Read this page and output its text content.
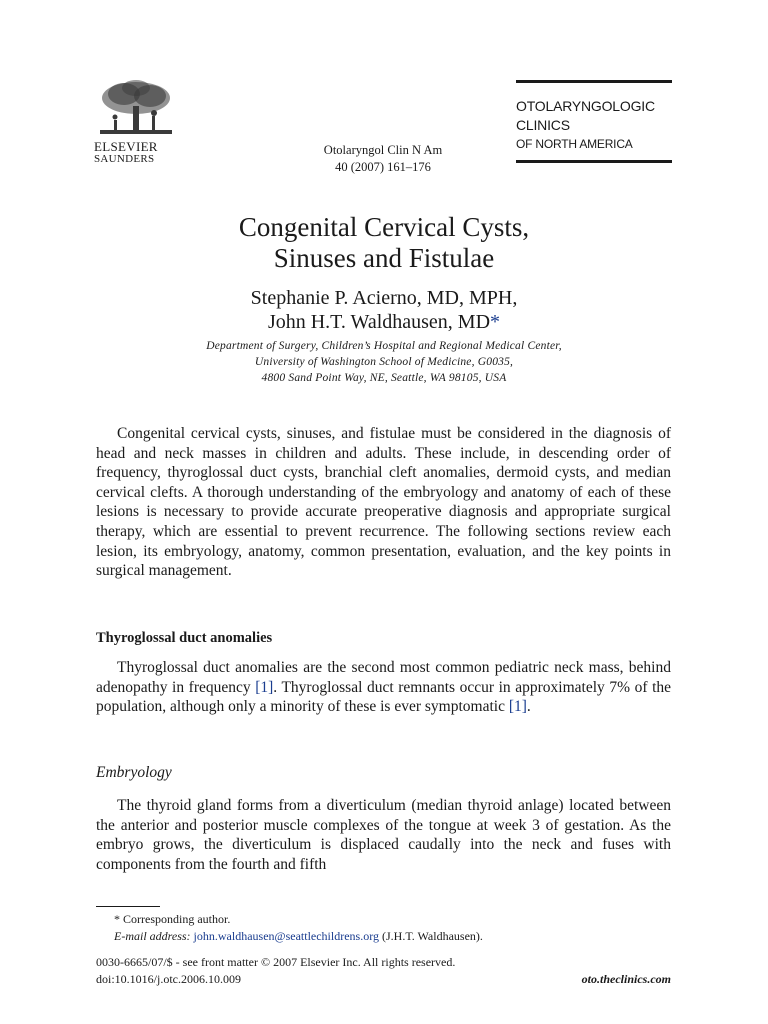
ELSEVIER
SAUNDERS
Otolaryngol Clin N Am
40 (2007) 161–176
OTOLARYNGOLOGIC
CLINICS
OF NORTH AMERICA
Congenital Cervical Cysts,
Sinuses and Fistulae
Stephanie P. Acierno, MD, MPH,
John H.T. Waldhausen, MD*
Department of Surgery, Children’s Hospital and Regional Medical Center,
University of Washington School of Medicine, G0035,
4800 Sand Point Way, NE, Seattle, WA 98105, USA
Congenital cervical cysts, sinuses, and fistulae must be considered in the diagnosis of head and neck masses in children and adults. These include, in descending order of frequency, thyroglossal duct cysts, branchial cleft anomalies, dermoid cysts, and median cervical clefts. A thorough understanding of the embryology and anatomy of each of these lesions is necessary to provide accurate preoperative diagnosis and appropriate surgical therapy, which are essential to prevent recurrence. The following sections review each lesion, its embryology, anatomy, common presentation, evaluation, and the key points in surgical management.
Thyroglossal duct anomalies
Thyroglossal duct anomalies are the second most common pediatric neck mass, behind adenopathy in frequency [1]. Thyroglossal duct remnants occur in approximately 7% of the population, although only a minority of these is ever symptomatic [1].
Embryology
The thyroid gland forms from a diverticulum (median thyroid anlage) located between the anterior and posterior muscle complexes of the tongue at week 3 of gestation. As the embryo grows, the diverticulum is displaced caudally into the neck and fuses with components from the fourth and fifth
* Corresponding author.
E-mail address: john.waldhausen@seattlechildrens.org (J.H.T. Waldhausen).
0030-6665/07/$ - see front matter © 2007 Elsevier Inc. All rights reserved.
doi:10.1016/j.otc.2006.10.009	oto.theclinics.com
